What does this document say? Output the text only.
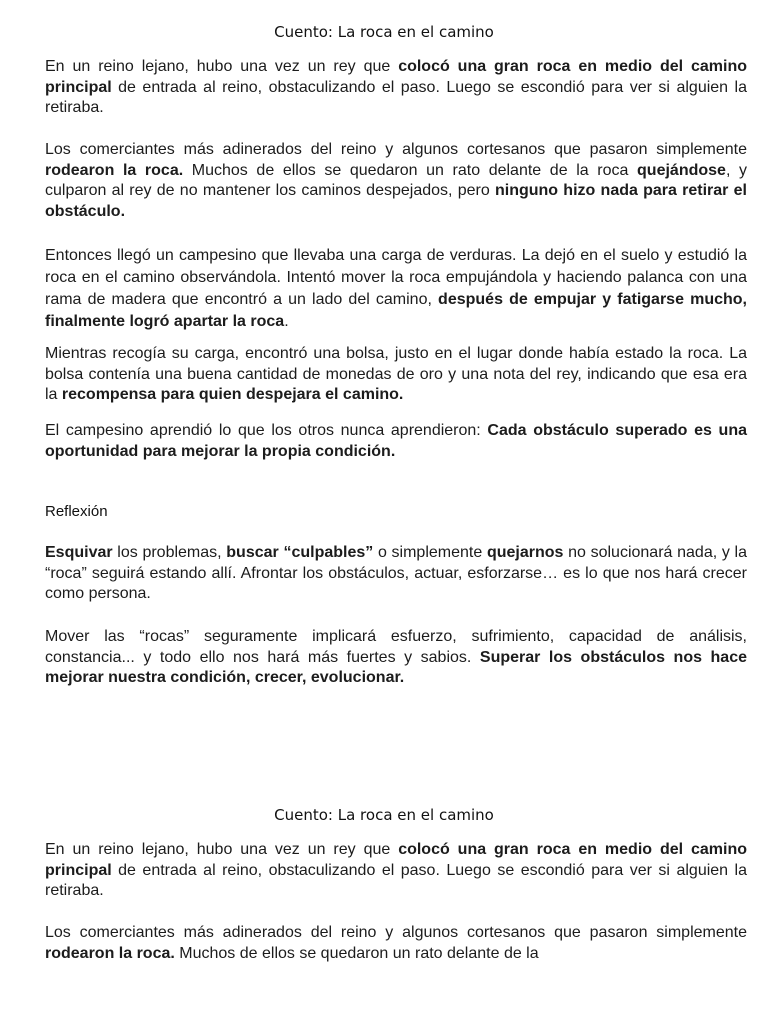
Cuento: La roca en el camino

En un reino lejano, hubo una vez un rey que colocó una gran roca en medio del camino principal de entrada al reino, obstaculizando el paso. Luego se escondió para ver si alguien la retiraba.

Los comerciantes más adinerados del reino y algunos cortesanos que pasaron simplemente rodearon la roca. Muchos de ellos se quedaron un rato delante de la roca quejándose, y culparon al rey de no mantener los caminos despejados, pero ninguno hizo nada para retirar el obstáculo.

Entonces llegó un campesino que llevaba una carga de verduras. La dejó en el suelo y estudió la roca en el camino observándola. Intentó mover la roca empujándola y haciendo palanca con una rama de madera que encontró a un lado del camino, después de empujar y fatigarse mucho, finalmente logró apartar la roca.

Mientras recogía su carga, encontró una bolsa, justo en el lugar donde había estado la roca. La bolsa contenía una buena cantidad de monedas de oro y una nota del rey, indicando que esa era la recompensa para quien despejara el camino.

El campesino aprendió lo que los otros nunca aprendieron: Cada obstáculo superado es una oportunidad para mejorar la propia condición.

Reflexión

Esquivar los problemas, buscar “culpables” o simplemente quejarnos no solucionará nada, y la “roca” seguirá estando allí. Afrontar los obstáculos, actuar, esforzarse… es lo que nos hará crecer como persona.

Mover las “rocas” seguramente implicará esfuerzo, sufrimiento, capacidad de análisis, constancia... y todo ello nos hará más fuertes y sabios. Superar los obstáculos nos hace mejorar nuestra condición, crecer, evolucionar.

Cuento: La roca en el camino

En un reino lejano, hubo una vez un rey que colocó una gran roca en medio del camino principal de entrada al reino, obstaculizando el paso. Luego se escondió para ver si alguien la retiraba.

Los comerciantes más adinerados del reino y algunos cortesanos que pasaron simplemente rodearon la roca. Muchos de ellos se quedaron un rato delante de la
